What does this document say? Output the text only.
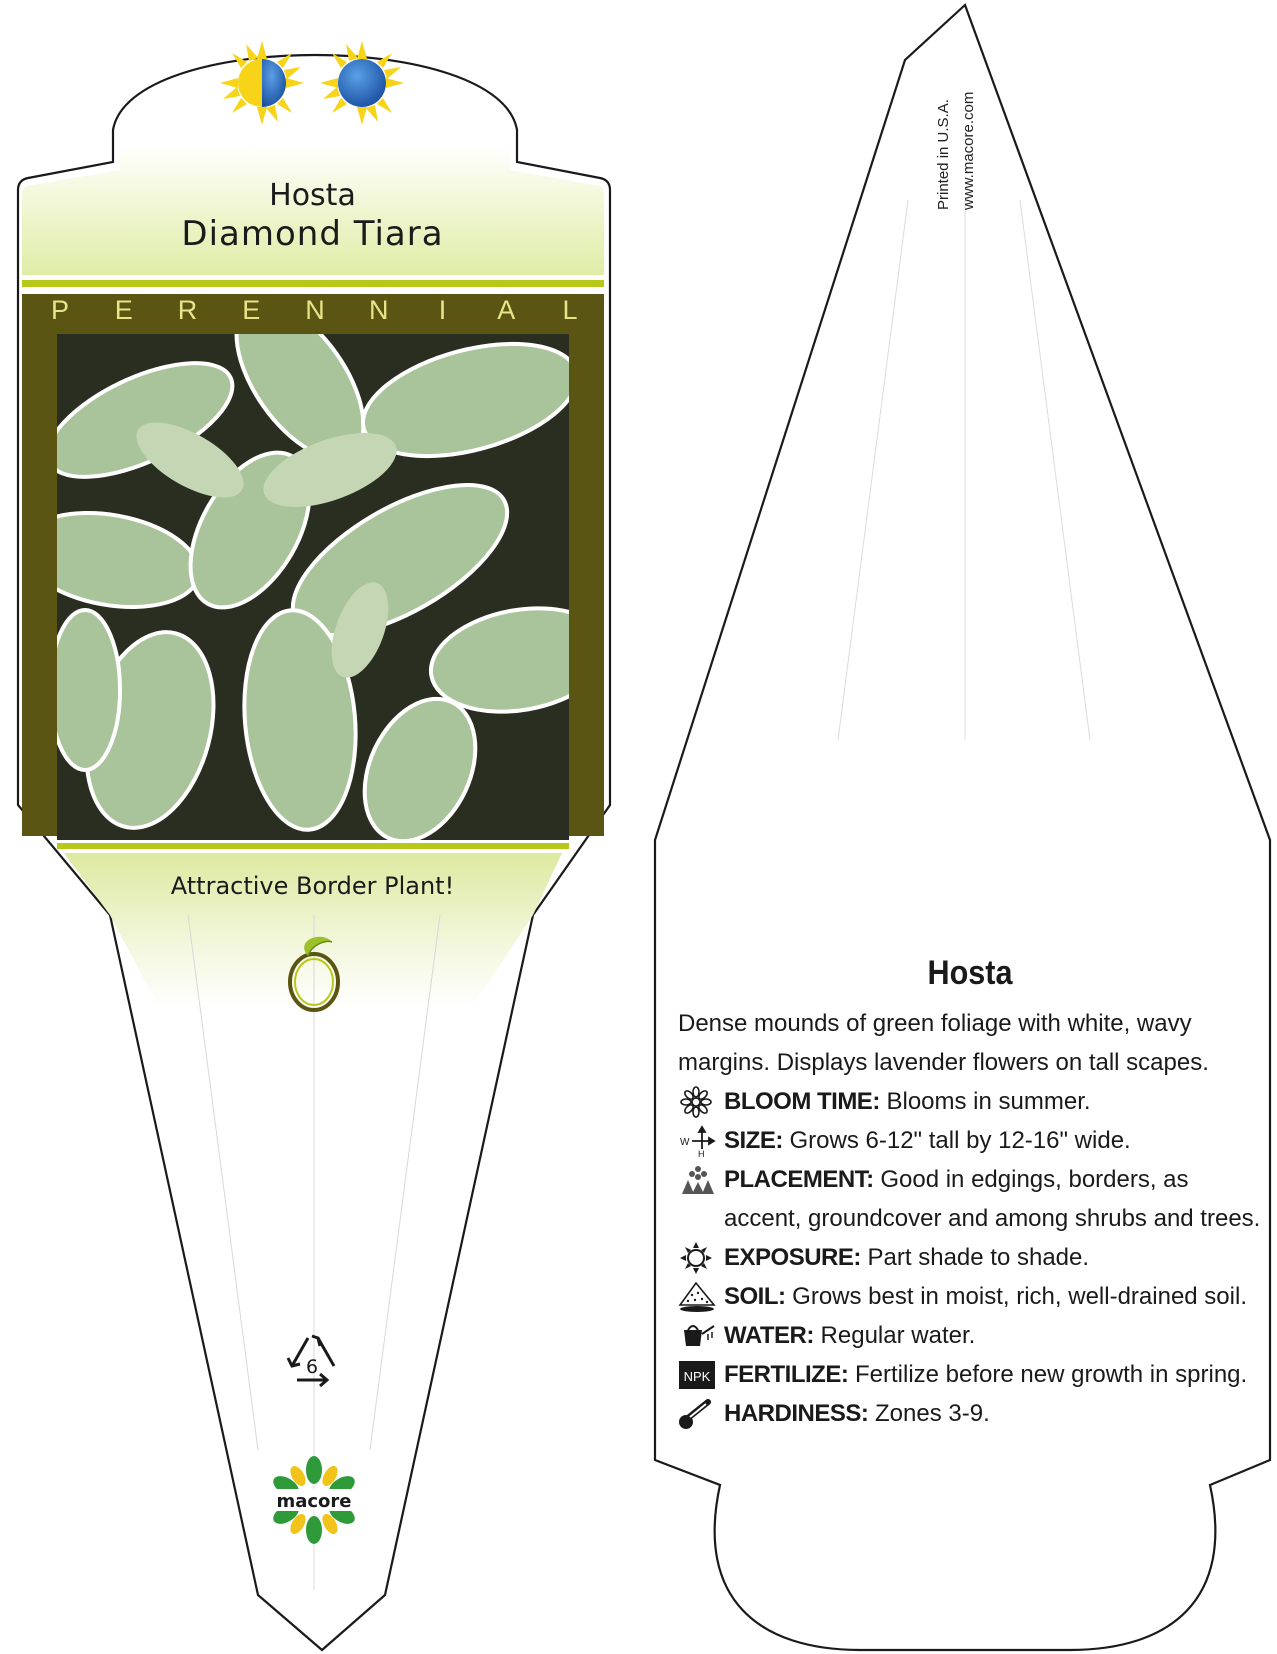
Hosta
Diamond Tiara
P E R E N N I A L
Attractive Border Plant!
6
macore
Printed in U.S.A. www.macore.com
Hosta
Dense mounds of green foliage with white, wavy margins. Displays lavender flowers on tall scapes.
BLOOM TIME: Blooms in summer.
W
H SIZE: Grows 6-12" tall by 12-16" wide.
PLACEMENT: Good in edgings, borders, as accent, groundcover and among shrubs and trees.
EXPOSURE: Part shade to shade.
SOIL: Grows best in moist, rich, well-drained soil.
WATER: Regular water.
NPK FERTILIZE: Fertilize before new growth in spring.
HARDINESS: Zones 3-9.
